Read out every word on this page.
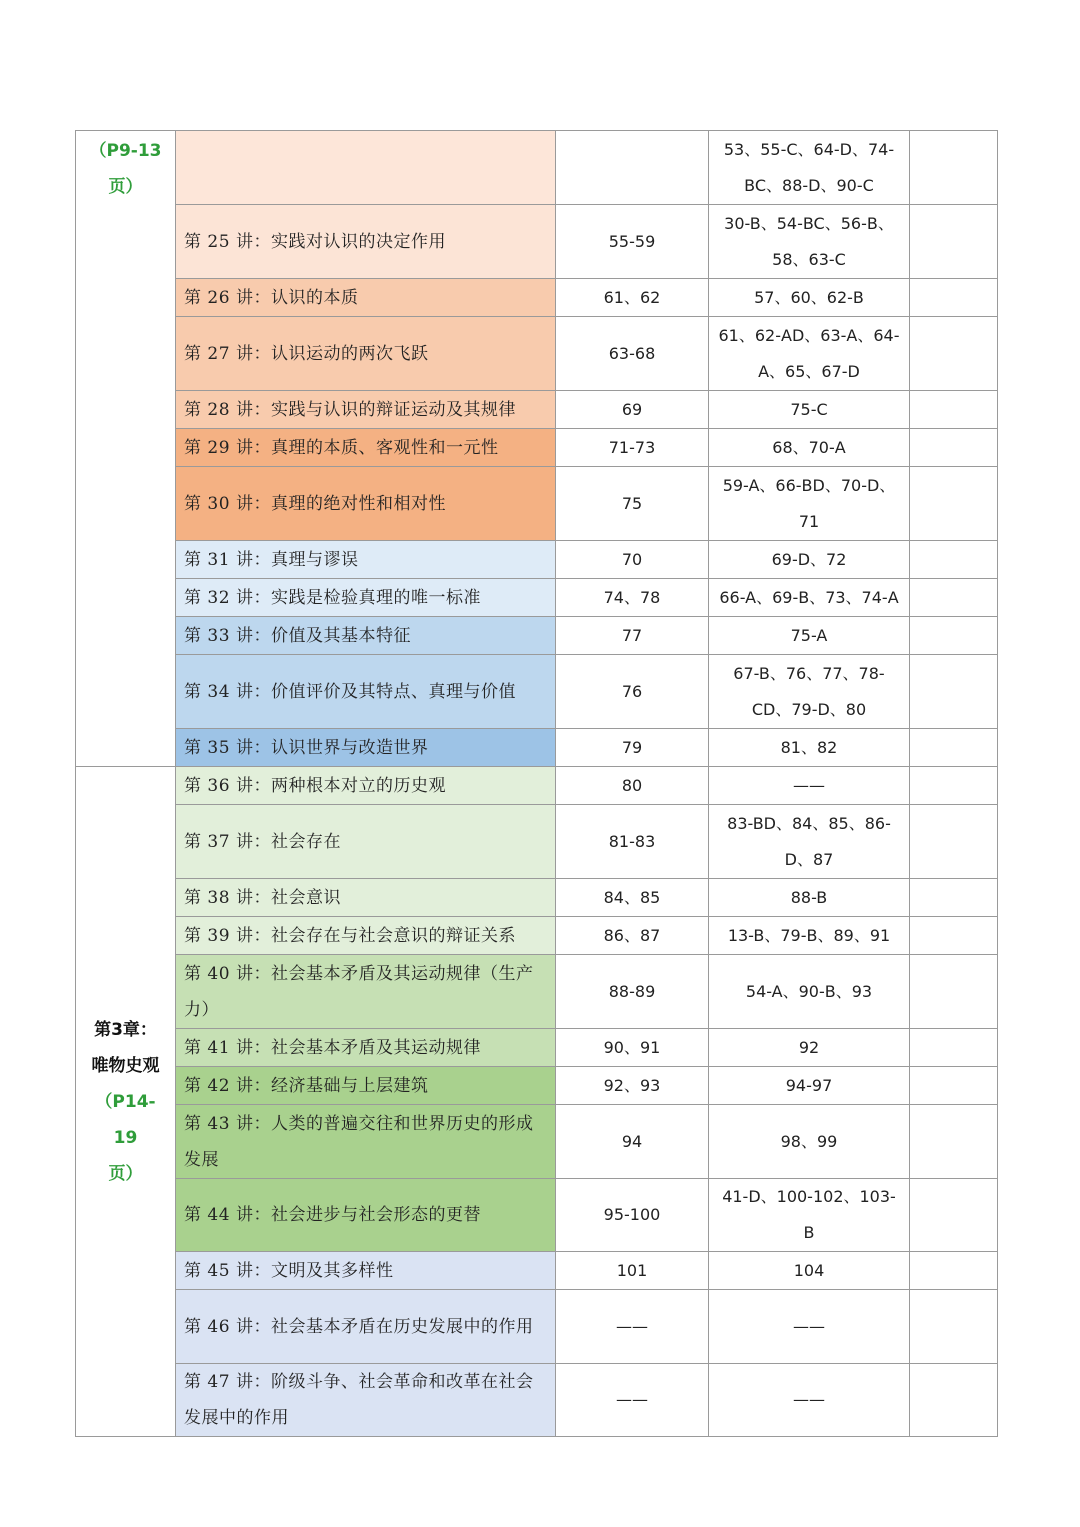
（P9-13
页）			53、55-C、64-D、74-BC、88-D、90-C	
	第 25 讲：实践对认识的决定作用	55-59	30-B、54-BC、56-B、58、63-C	
	第 26 讲：认识的本质	61、62	57、60、62-B	
	第 27 讲：认识运动的两次飞跃	63-68	61、62-AD、63-A、64-A、65、67-D	
	第 28 讲：实践与认识的辩证运动及其规律	69	75-C	
	第 29 讲：真理的本质、客观性和一元性	71-73	68、70-A	
	第 30 讲：真理的绝对性和相对性	75	59-A、66-BD、70-D、71	
	第 31 讲：真理与谬误	70	69-D、72	
	第 32 讲：实践是检验真理的唯一标准	74、78	66-A、69-B、73、74-A	
	第 33 讲：价值及其基本特征	77	75-A	
	第 34 讲：价值评价及其特点、真理与价值	76	67-B、76、77、78-CD、79-D、80	
	第 35 讲：认识世界与改造世界	79	81、82	

第3章：
唯物史观
（P14-19
页）	第 36 讲：两种根本对立的历史观	80	——	
	第 37 讲：社会存在	81-83	83-BD、84、85、86-D、87	
	第 38 讲：社会意识	84、85	88-B	
	第 39 讲：社会存在与社会意识的辩证关系	86、87	13-B、79-B、89、91	
	第 40 讲：社会基本矛盾及其运动规律（生产力）	88-89	54-A、90-B、93	
	第 41 讲：社会基本矛盾及其运动规律	90、91	92	
	第 42 讲：经济基础与上层建筑	92、93	94-97	
	第 43 讲：人类的普遍交往和世界历史的形成发展	94	98、99	
	第 44 讲：社会进步与社会形态的更替	95-100	41-D、100-102、103-B	
	第 45 讲：文明及其多样性	101	104	
	第 46 讲：社会基本矛盾在历史发展中的作用	——	——	
	第 47 讲：阶级斗争、社会革命和改革在社会发展中的作用	——	——	
